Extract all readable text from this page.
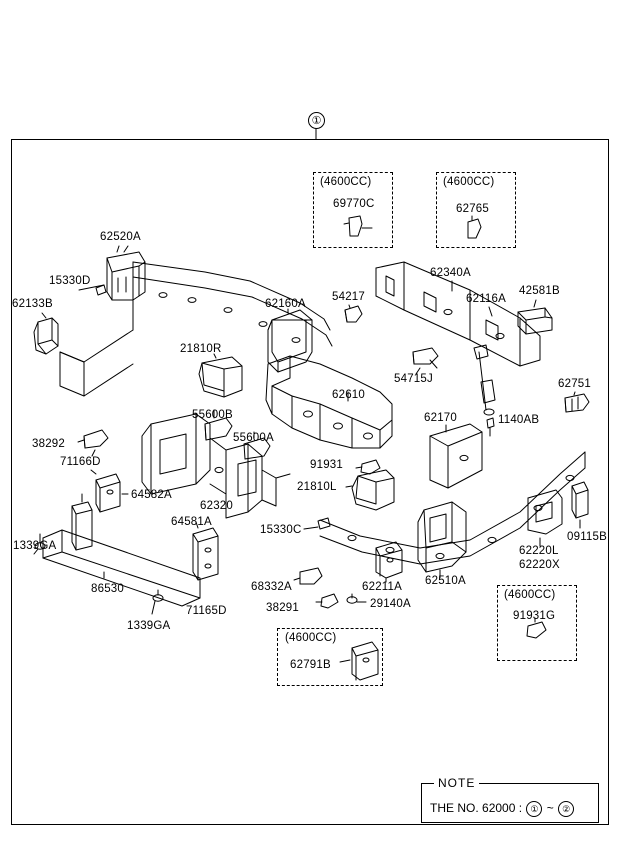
①
(4600CC)
69770C
(4600CC)
62765
(4600CC)
91931G
(4600CC)
62791B
62520A
15330D
62133B
21810R
62160A
54217
62340A
62116A
42581B
54715J	62751
62610
62170	1140AB
55600B
55600A
38292
71166D
64582A
62320
64581A
91931
21810L
15330C
1339GA
86530
71165D
1339GA
68332A
38291
62211A
29140A
62510A
09115B
62220L
62220X
NOTE
THE NO. 62000 : ① ~ ②
